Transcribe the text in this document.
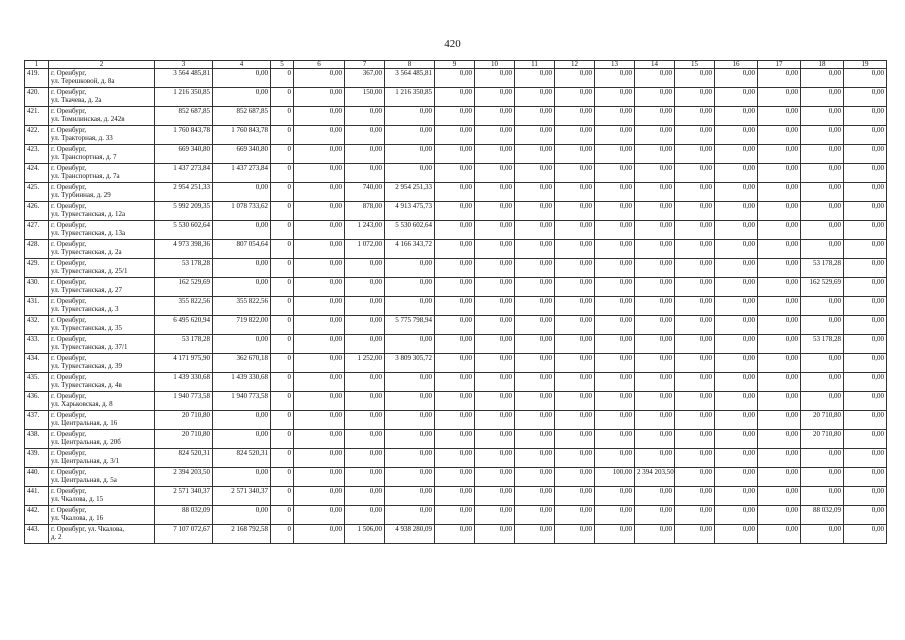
420
1	2	3	4	5	6	7	8	9	10	11	12	13	14	15	16	17	18	19
419.	г. Оренбург,
ул. Терешковой, д. 8а	3 564 485,81	0,00	0	0,00	367,00	3 564 485,81	0,00	0,00	0,00	0,00	0,00	0,00	0,00	0,00	0,00	0,00	0,00
420.	г. Оренбург,
ул. Ткачева, д. 2а	1 216 350,85	0,00	0	0,00	150,00	1 216 350,85	0,00	0,00	0,00	0,00	0,00	0,00	0,00	0,00	0,00	0,00	0,00
421.	г. Оренбург,
ул. Томилинская, д. 242в	852 687,85	852 687,85	0	0,00	0,00	0,00	0,00	0,00	0,00	0,00	0,00	0,00	0,00	0,00	0,00	0,00	0,00
422.	г. Оренбург,
ул. Тракторная, д. 33	1 760 843,78	1 760 843,78	0	0,00	0,00	0,00	0,00	0,00	0,00	0,00	0,00	0,00	0,00	0,00	0,00	0,00	0,00
423.	г. Оренбург,
ул. Транспортная, д. 7	669 340,80	669 340,80	0	0,00	0,00	0,00	0,00	0,00	0,00	0,00	0,00	0,00	0,00	0,00	0,00	0,00	0,00
424.	г. Оренбург,
ул. Транспортная, д. 7а	1 437 273,84	1 437 273,84	0	0,00	0,00	0,00	0,00	0,00	0,00	0,00	0,00	0,00	0,00	0,00	0,00	0,00	0,00
425.	г. Оренбург,
ул. Турбинная, д. 29	2 954 251,33	0,00	0	0,00	740,00	2 954 251,33	0,00	0,00	0,00	0,00	0,00	0,00	0,00	0,00	0,00	0,00	0,00
426.	г. Оренбург,
ул. Туркестанская, д. 12а	5 992 209,35	1 078 733,62	0	0,00	878,00	4 913 475,73	0,00	0,00	0,00	0,00	0,00	0,00	0,00	0,00	0,00	0,00	0,00
427.	г. Оренбург,
ул. Туркестанская, д. 13а	5 530 602,64	0,00	0	0,00	1 243,00	5 530 602,64	0,00	0,00	0,00	0,00	0,00	0,00	0,00	0,00	0,00	0,00	0,00
428.	г. Оренбург,
ул. Туркестанская, д. 2а	4 973 398,36	807 054,64	0	0,00	1 072,00	4 166 343,72	0,00	0,00	0,00	0,00	0,00	0,00	0,00	0,00	0,00	0,00	0,00
429.	г. Оренбург,
ул. Туркестанская, д. 25/1	53 178,28	0,00	0	0,00	0,00	0,00	0,00	0,00	0,00	0,00	0,00	0,00	0,00	0,00	0,00	53 178,28	0,00
430.	г. Оренбург,
ул. Туркестанская, д. 27	162 529,69	0,00	0	0,00	0,00	0,00	0,00	0,00	0,00	0,00	0,00	0,00	0,00	0,00	0,00	162 529,69	0,00
431.	г. Оренбург,
ул. Туркестанская, д. 3	355 822,56	355 822,56	0	0,00	0,00	0,00	0,00	0,00	0,00	0,00	0,00	0,00	0,00	0,00	0,00	0,00	0,00
432.	г. Оренбург,
ул. Туркестанская, д. 35	6 495 620,94	719 822,00	0	0,00	0,00	5 775 798,94	0,00	0,00	0,00	0,00	0,00	0,00	0,00	0,00	0,00	0,00	0,00
433.	г. Оренбург,
ул. Туркестанская, д. 37/1	53 178,28	0,00	0	0,00	0,00	0,00	0,00	0,00	0,00	0,00	0,00	0,00	0,00	0,00	0,00	53 178,28	0,00
434.	г. Оренбург,
ул. Туркестанская, д. 39	4 171 975,90	362 670,18	0	0,00	1 252,00	3 809 305,72	0,00	0,00	0,00	0,00	0,00	0,00	0,00	0,00	0,00	0,00	0,00
435.	г. Оренбург,
ул. Туркестанская, д. 4в	1 439 330,68	1 439 330,68	0	0,00	0,00	0,00	0,00	0,00	0,00	0,00	0,00	0,00	0,00	0,00	0,00	0,00	0,00
436.	г. Оренбург,
ул. Харьковская, д. 8	1 940 773,58	1 940 773,58	0	0,00	0,00	0,00	0,00	0,00	0,00	0,00	0,00	0,00	0,00	0,00	0,00	0,00	0,00
437.	г. Оренбург,
ул. Центральная, д. 16	20 710,80	0,00	0	0,00	0,00	0,00	0,00	0,00	0,00	0,00	0,00	0,00	0,00	0,00	0,00	20 710,80	0,00
438.	г. Оренбург,
ул. Центральная, д. 20б	20 710,80	0,00	0	0,00	0,00	0,00	0,00	0,00	0,00	0,00	0,00	0,00	0,00	0,00	0,00	20 710,80	0,00
439.	г. Оренбург,
ул. Центральная, д. 3/1	824 520,31	824 520,31	0	0,00	0,00	0,00	0,00	0,00	0,00	0,00	0,00	0,00	0,00	0,00	0,00	0,00	0,00
440.	г. Оренбург,
ул. Центральная, д. 5а	2 394 203,50	0,00	0	0,00	0,00	0,00	0,00	0,00	0,00	0,00	100,00	2 394 203,50	0,00	0,00	0,00	0,00	0,00
441.	г. Оренбург,
ул. Чкалова, д. 15	2 571 340,37	2 571 340,37	0	0,00	0,00	0,00	0,00	0,00	0,00	0,00	0,00	0,00	0,00	0,00	0,00	0,00	0,00
442.	г. Оренбург,
ул. Чкалова, д. 16	88 032,09	0,00	0	0,00	0,00	0,00	0,00	0,00	0,00	0,00	0,00	0,00	0,00	0,00	0,00	88 032,09	0,00
443.	г. Оренбург, ул. Чкалова,
д. 2	7 107 072,67	2 168 792,58	0	0,00	1 506,00	4 938 280,09	0,00	0,00	0,00	0,00	0,00	0,00	0,00	0,00	0,00	0,00	0,00
